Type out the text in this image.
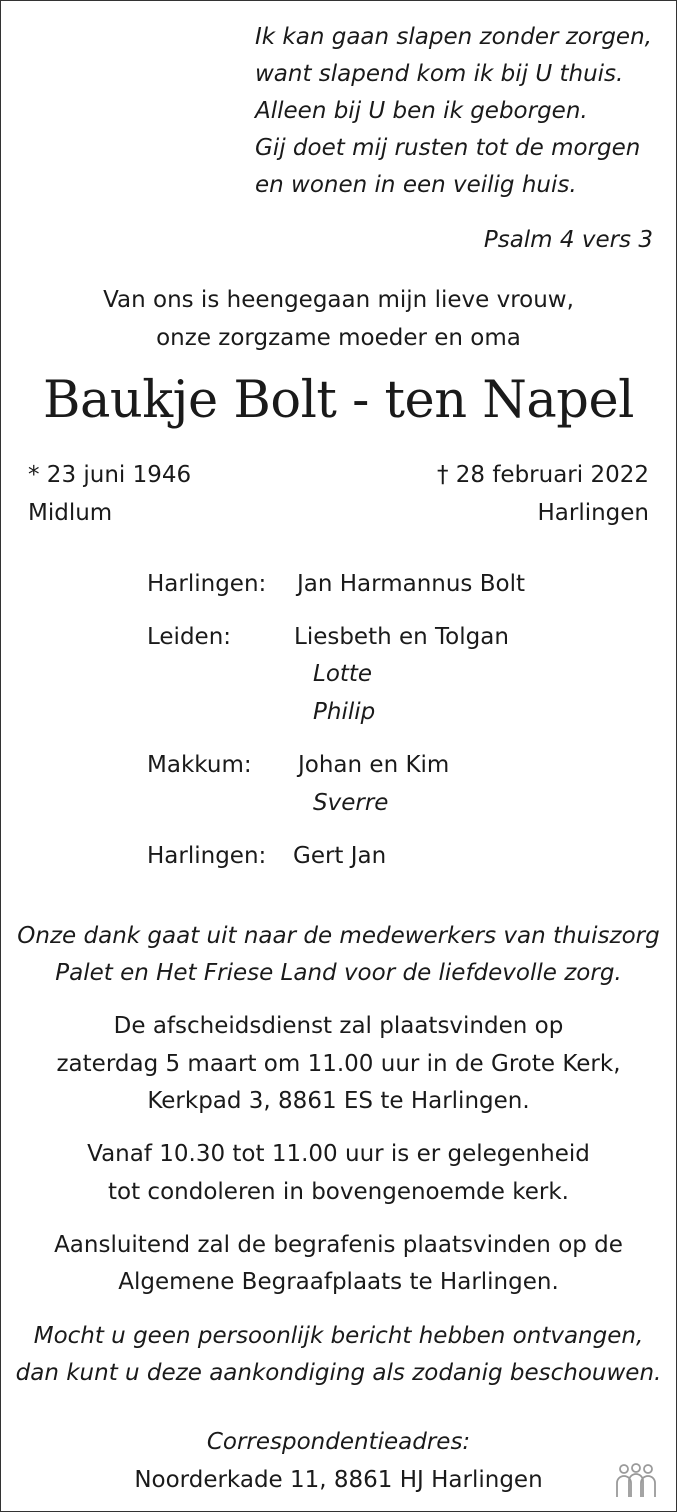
Ik kan gaan slapen zonder zorgen,
want slapend kom ik bij U thuis.
Alleen bij U ben ik geborgen.
Gij doet mij rusten tot de morgen
en wonen in een veilig huis.
Psalm 4 vers 3
Van ons is heengegaan mijn lieve vrouw,
onze zorgzame moeder en oma
Baukje Bolt - ten Napel
* 23 juni 1946
Midlum
† 28 februari 2022
Harlingen
Harlingen: Jan Harmannus Bolt
Leiden:	Liesbeth en Tolgan
Lotte
Philip
Makkum: Johan en Kim
Sverre
Harlingen: Gert Jan
Onze dank gaat uit naar de medewerkers van thuiszorg
Palet en Het Friese Land voor de liefdevolle zorg.
De afscheidsdienst zal plaatsvinden op
zaterdag 5 maart om 11.00 uur in de Grote Kerk,
Kerkpad 3, 8861 ES te Harlingen.
Vanaf 10.30 tot 11.00 uur is er gelegenheid
tot condoleren in bovengenoemde kerk.
Aansluitend zal de begrafenis plaatsvinden op de
Algemene Begraafplaats te Harlingen.
Mocht u geen persoonlijk bericht hebben ontvangen,
dan kunt u deze aankondiging als zodanig beschouwen.
Correspondentieadres:
Noorderkade 11, 8861 HJ Harlingen
